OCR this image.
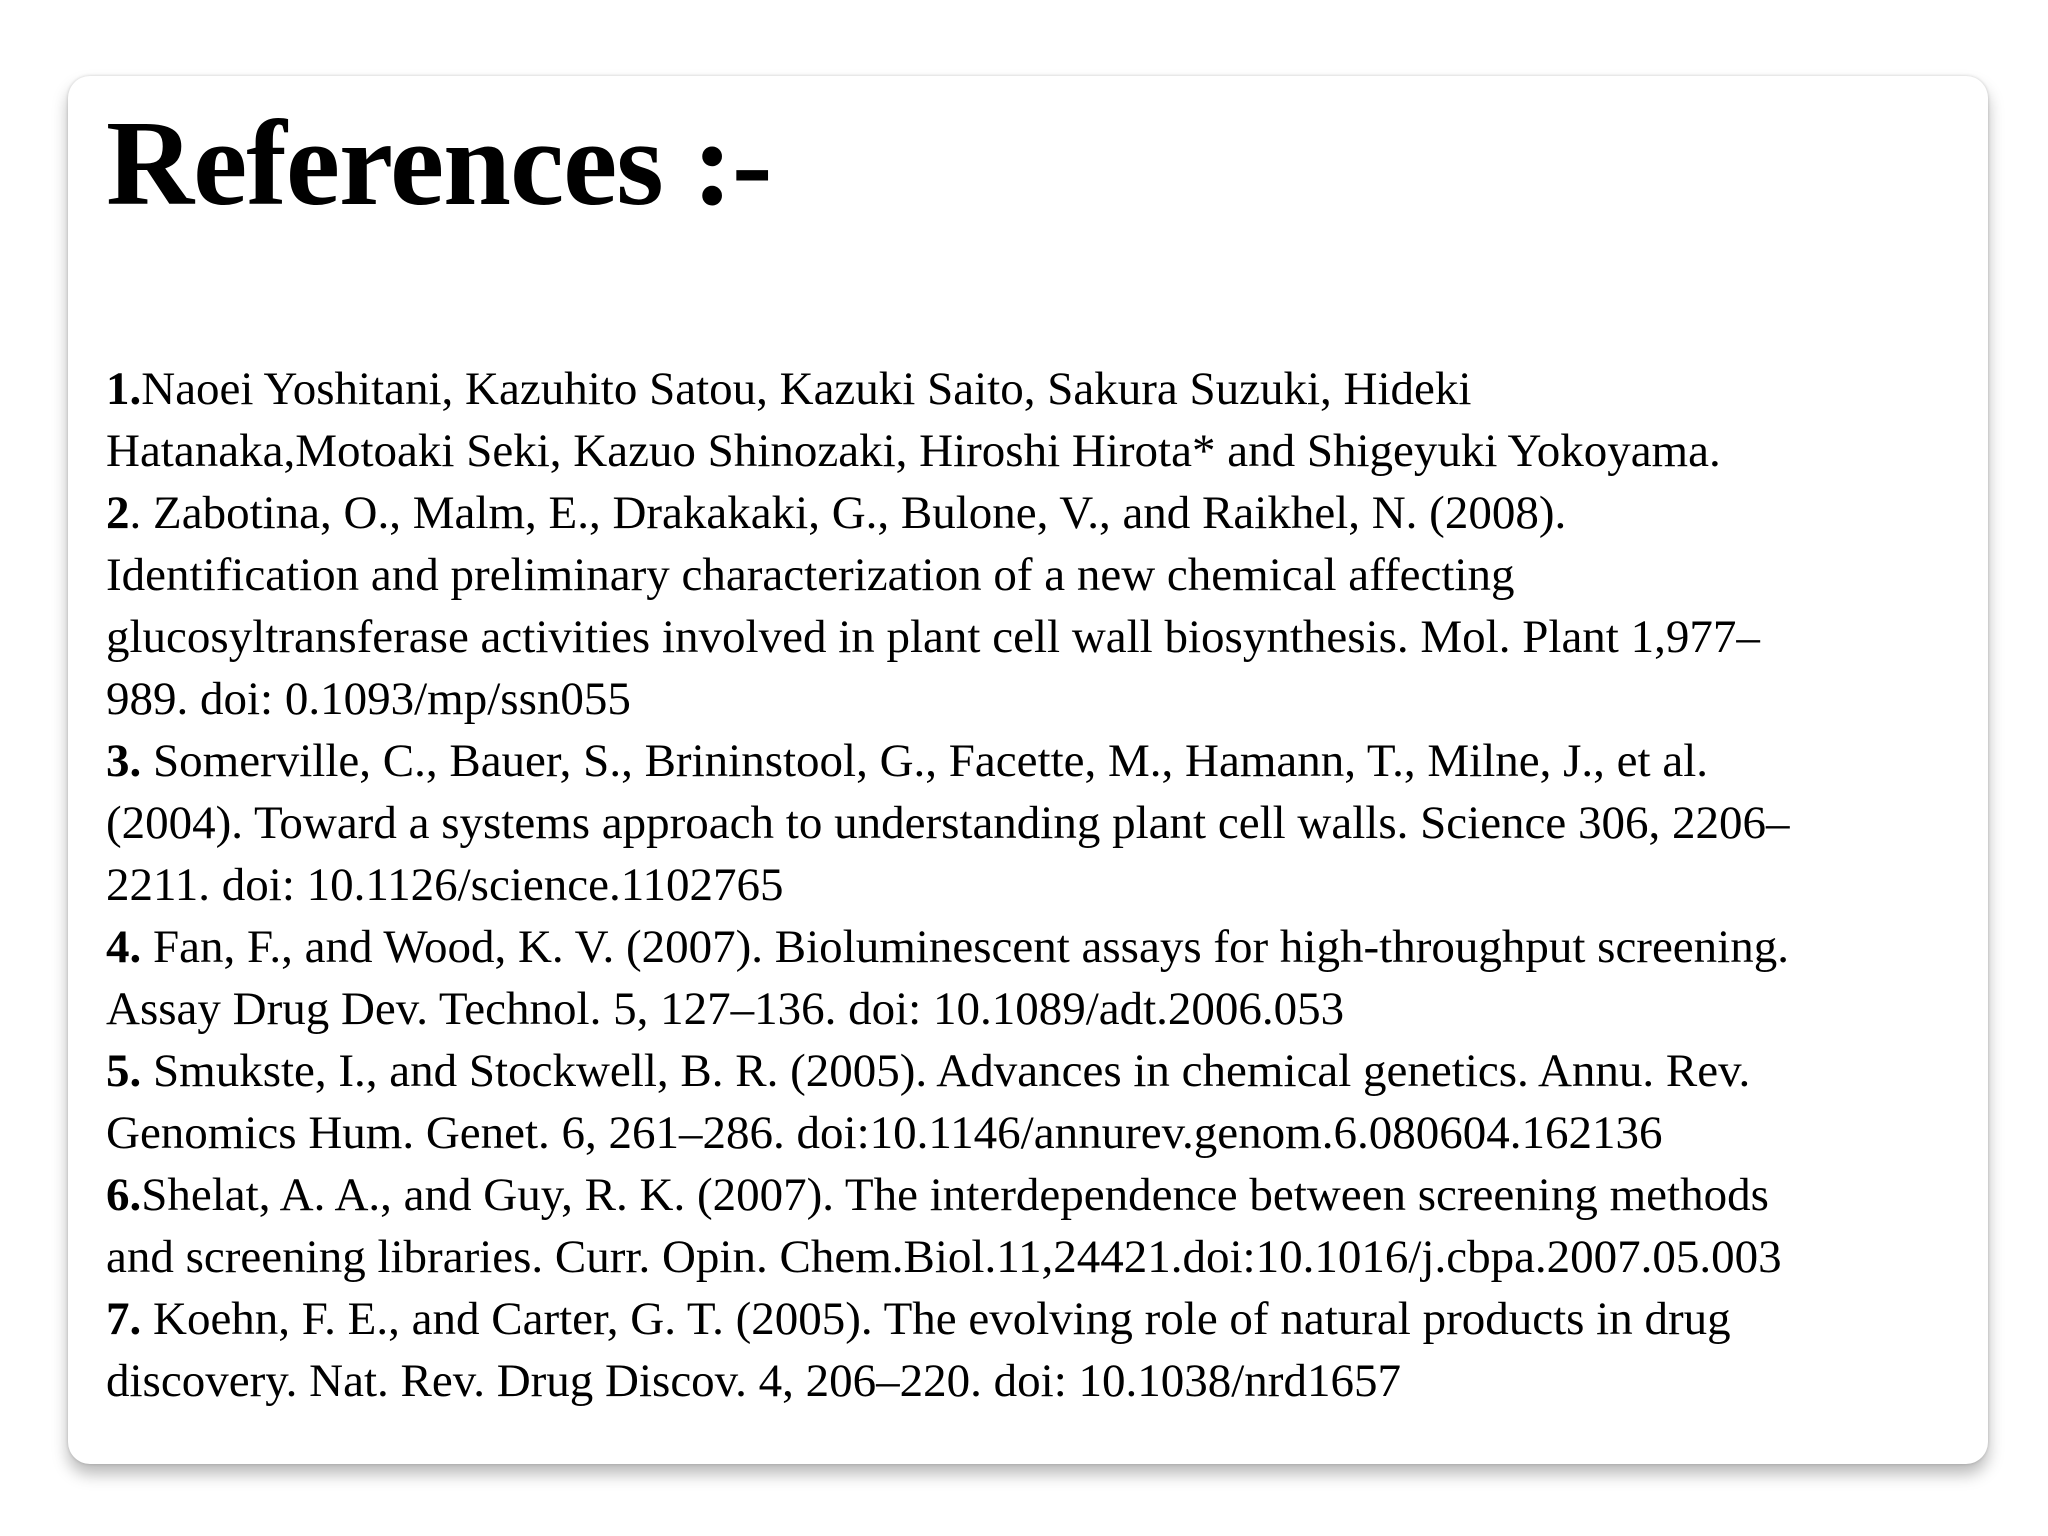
References :-

1.Naoei Yoshitani, Kazuhito Satou, Kazuki Saito, Sakura Suzuki, Hideki
Hatanaka,Motoaki Seki, Kazuo Shinozaki, Hiroshi Hirota* and Shigeyuki Yokoyama.

2. Zabotina, O., Malm, E., Drakakaki, G., Bulone, V., and Raikhel, N. (2008).
Identification and preliminary characterization of a new chemical affecting
glucosyltransferase activities involved in plant cell wall biosynthesis. Mol. Plant 1,977–
989. doi: 0.1093/mp/ssn055

3. Somerville, C., Bauer, S., Brininstool, G., Facette, M., Hamann, T., Milne, J., et al.
(2004). Toward a systems approach to understanding plant cell walls. Science 306, 2206–
2211. doi: 10.1126/science.1102765

4. Fan, F., and Wood, K. V. (2007). Bioluminescent assays for high-throughput screening.
Assay Drug Dev. Technol. 5, 127–136. doi: 10.1089/adt.2006.053

5. Smukste, I., and Stockwell, B. R. (2005). Advances in chemical genetics. Annu. Rev.
Genomics Hum. Genet. 6, 261–286. doi:10.1146/annurev.genom.6.080604.162136

6.Shelat, A. A., and Guy, R. K. (2007). The interdependence between screening methods
and screening libraries. Curr. Opin. Chem.Biol.11,24421.doi:10.1016/j.cbpa.2007.05.003

7. Koehn, F. E., and Carter, G. T. (2005). The evolving role of natural products in drug
discovery. Nat. Rev. Drug Discov. 4, 206–220. doi: 10.1038/nrd1657
